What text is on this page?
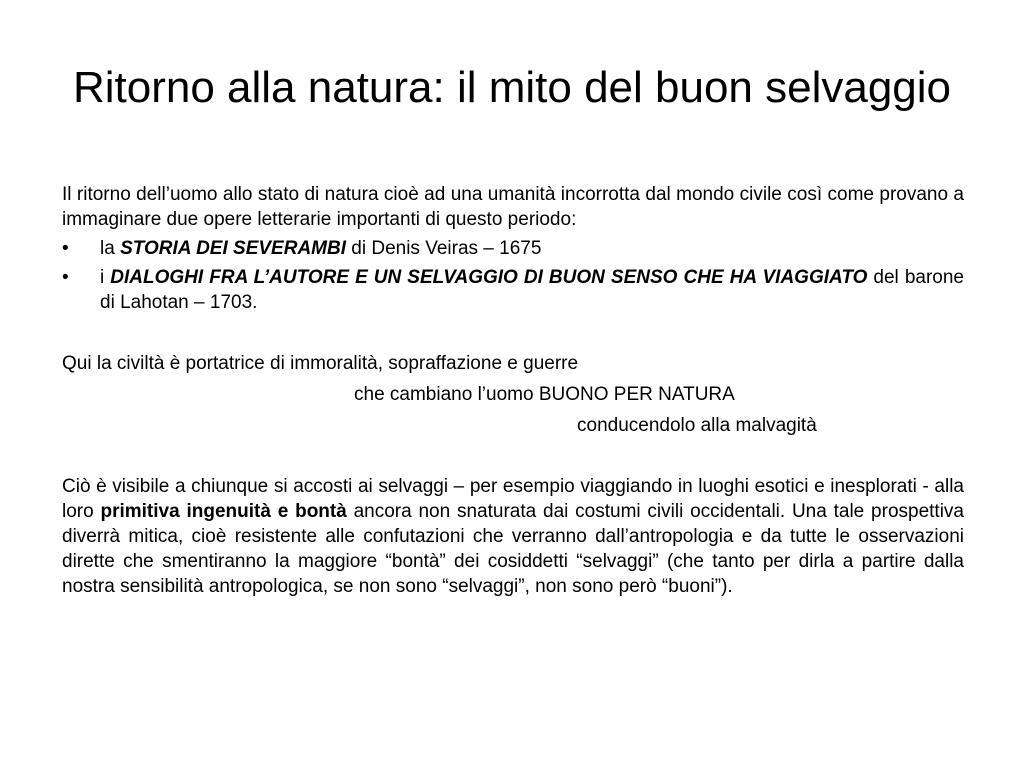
Ritorno alla natura: il mito del buon selvaggio

Il ritorno dell’uomo allo stato di natura cioè ad una umanità incorrotta dal mondo civile così come provano a immaginare due opere letterarie importanti di questo periodo:

•	la STORIA DEI SEVERAMBI di Denis Veiras – 1675
•	i DIALOGHI FRA L’AUTORE E UN SELVAGGIO DI BUON SENSO CHE HA VIAGGIATO del barone di Lahotan – 1703.
Qui la civiltà è portatrice di immoralità, sopraffazione e guerre
che cambiano l’uomo BUONO PER NATURA
conducendolo alla malvagità

Ciò è visibile a chiunque si accosti ai selvaggi – per esempio viaggiando in luoghi esotici e inesplorati - alla loro primitiva ingenuità e bontà ancora non snaturata dai costumi civili occidentali. Una tale prospettiva diverrà mitica, cioè resistente alle confutazioni che verranno dall’antropologia e da tutte le osservazioni dirette che smentiranno la maggiore “bontà” dei cosiddetti “selvaggi” (che tanto per dirla a partire dalla nostra sensibilità antropologica, se non sono “selvaggi”, non sono però “buoni”).
